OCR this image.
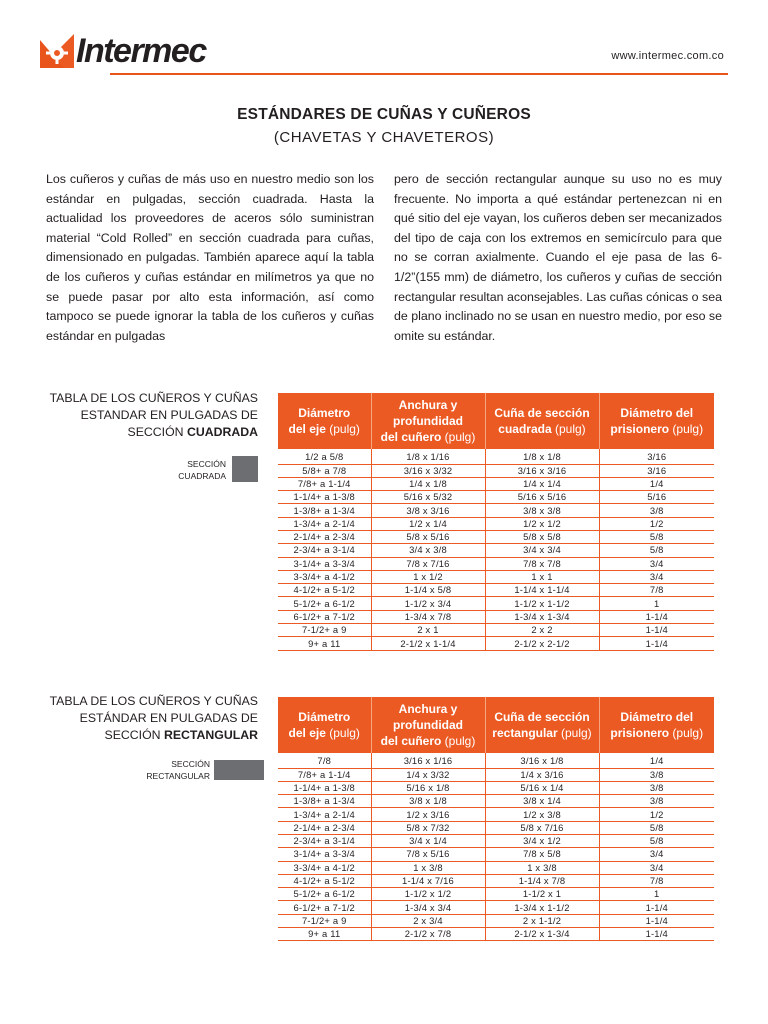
Intermec	www.intermec.com.co
ESTÁNDARES DE CUÑAS Y CUÑEROS
(CHAVETAS Y CHAVETEROS)

Los cuñeros y cuñas de más uso en nuestro medio son los estándar en pulgadas, sección cuadrada. Hasta la actualidad los proveedores de aceros sólo suministran material “Cold Rolled” en sección cuadrada para cuñas, dimensionado en pulgadas. También aparece aquí la tabla de los cuñeros y cuñas estándar en milímetros ya que no se puede pasar por alto esta información, así como tampoco se puede ignorar la tabla de los cuñeros y cuñas estándar en pulgadas

pero de sección rectangular aunque su uso no es muy frecuente. No importa a qué estándar pertenezcan ni en qué sitio del eje vayan, los cuñeros deben ser mecanizados del tipo de caja con los extremos en semicírculo para que no se corran axialmente. Cuando el eje pasa de las 6-1/2”(155 mm) de diámetro, los cuñeros y cuñas de sección rectangular resultan aconsejables. Las cuñas cónicas o sea de plano inclinado no se usan en nuestro medio, por eso se omite su estándar.

TABLA DE LOS CUÑEROS Y CUÑAS
ESTANDAR EN PULGADAS DE
SECCIÓN CUADRADA
SECCIÓN
CUADRADA
Diámetro
del eje (pulg)	Anchura y
profundidad
del cuñero (pulg)	Cuña de sección
cuadrada (pulg)	Diámetro del
prisionero (pulg)
1/2 a 5/8	1/8 x 1/16	1/8 x 1/8	3/16
5/8+ a 7/8	3/16 x 3/32	3/16 x 3/16	3/16
7/8+ a 1-1/4	1/4 x 1/8	1/4 x 1/4	1/4
1-1/4+ a 1-3/8	5/16 x 5/32	5/16 x 5/16	5/16
1-3/8+ a 1-3/4	3/8 x 3/16	3/8 x 3/8	3/8
1-3/4+ a 2-1/4	1/2 x 1/4	1/2 x 1/2	1/2
2-1/4+ a 2-3/4	5/8 x 5/16	5/8 x 5/8	5/8
2-3/4+ a 3-1/4	3/4 x 3/8	3/4 x 3/4	5/8
3-1/4+ a 3-3/4	7/8 x 7/16	7/8 x 7/8	3/4
3-3/4+ a 4-1/2	1 x 1/2	1 x 1	3/4
4-1/2+ a 5-1/2	1-1/4 x 5/8	1-1/4 x 1-1/4	7/8
5-1/2+ a 6-1/2	1-1/2 x 3/4	1-1/2 x 1-1/2	1
6-1/2+ a 7-1/2	1-3/4 x 7/8	1-3/4 x 1-3/4	1-1/4
7-1/2+ a 9	2 x 1	2 x 2	1-1/4
9+ a 11	2-1/2 x 1-1/4	2-1/2 x 2-1/2	1-1/4
TABLA DE LOS CUÑEROS Y CUÑAS
ESTÁNDAR EN PULGADAS DE
SECCIÓN RECTANGULAR
SECCIÓN
RECTANGULAR
Diámetro
del eje (pulg)	Anchura y
profundidad
del cuñero (pulg)	Cuña de sección
rectangular (pulg)	Diámetro del
prisionero (pulg)
7/8	3/16 x 1/16	3/16 x 1/8	1/4
7/8+ a 1-1/4	1/4 x 3/32	1/4 x 3/16	3/8
1-1/4+ a 1-3/8	5/16 x 1/8	5/16 x 1/4	3/8
1-3/8+ a 1-3/4	3/8 x 1/8	3/8 x 1/4	3/8
1-3/4+ a 2-1/4	1/2 x 3/16	1/2 x 3/8	1/2
2-1/4+ a 2-3/4	5/8 x 7/32	5/8 x 7/16	5/8
2-3/4+ a 3-1/4	3/4 x 1/4	3/4 x 1/2	5/8
3-1/4+ a 3-3/4	7/8 x 5/16	7/8 x 5/8	3/4
3-3/4+ a 4-1/2	1 x 3/8	1 x 3/8	3/4
4-1/2+ a 5-1/2	1-1/4 x 7/16	1-1/4 x 7/8	7/8
5-1/2+ a 6-1/2	1-1/2 x 1/2	1-1/2 x 1	1
6-1/2+ a 7-1/2	1-3/4 x 3/4	1-3/4 x 1-1/2	1-1/4
7-1/2+ a 9	2 x 3/4	2 x 1-1/2	1-1/4
9+ a 11	2-1/2 x 7/8	2-1/2 x 1-3/4	1-1/4
